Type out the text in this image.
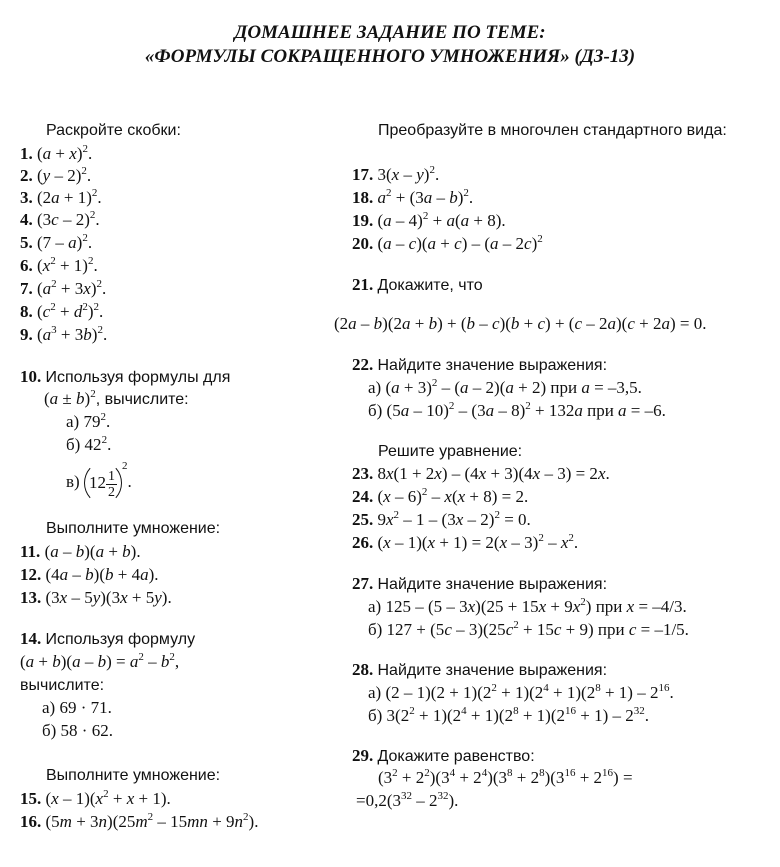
ДОМАШНЕЕ ЗАДАНИЕ ПО ТЕМЕ:
«ФОРМУЛЫ СОКРАЩЕННОГО УМНОЖЕНИЯ» (ДЗ-13)
Раскройте скобки:
1. $(a + x)^2$.
2. (y – 2)$^2$.
3. $(2a + 1)^2$.
4. (3c – 2)$^2$.
5. (7 – a)$^2$.
6. $(x^2 + 1)^2$.
7. $(a^2 + 3x)^2$.
8. $(c^2 + d^2)^2$.
9. $(a^3 + 3b)^2$.
10. Используя формулы для
$(a \pm b)^2$, вычислите:
а) $79^2$.
б) $42^2$.
в) $12 \frac{1}{2}$
$^2$.
Выполните умножение:
11. (a – b)(a + b).
12. (4a – b)(b + 4a).
13. (3x – 5y)(3x + 5y).
14. Используя формулу
$(a + b)(a - b) = a^2 - b^2$,
вычислите:
а) 69 · 71.
б) 58 · 62.
Выполните умножение:
15. $(x - 1)(x^2 + x + 1)$.
16. $(5m + 3n)(25m^2 - 15mn + 9n^2)$.
Преобразуйте в многочлен стандартного вида:
17. 3(x – y)$^2$.
18. $a^2 + (3a - b)^2$.
19. (a – 4)$^2$ + a(a + 8).
20. (a – c)(a + c) – (a – 2c)$^2$
21. Докажите, что
(2a – b)(2a + b) + (b – c)(b + c) + (c – 2a)(c + 2a) = 0.
22. Найдите значение выражения:
а) $(a + 3)^2 - (a - 2)(a + 2)$ при a = –3,5.
б) (5a – 10)$^2$ – (3a – 8)$^2$ + 132a при a = –6.
Решите уравнение:
23. 8x(1 + 2x) – (4x + 3)(4x – 3) = 2x.
24. (x – 6)$^2$ – x(x + 8) = 2.
25. $9x^2 - 1 - (3x - 2)^2 = 0$.
26. $(x - 1)(x + 1) = 2(x - 3)^2 - x^2$.
27. Найдите значение выражения:
а) $125 - (5 - 3x)(25 + 15x + 9x^2)$ при x = –4/3.
б) $127 + (5c - 3)(25c^2 + 15c + 9)$ при c = –1/5.
28. Найдите значение выражения:
а) $(2 - 1)(2 + 1)(2^2 + 1)(2^4 + 1)(2^8 + 1) - 2^{16}$.
б) $3(2^2 + 1)(2^4 + 1)(2^8 + 1)(2^{16} + 1) - 2^{32}$.
29. Докажите равенство:
$(3^2 + 2^2)(3^4 + 2^4)(3^8 + 2^8)(3^{16} + 2^{16})$ =
$=0,2(3^{32} - 2^{32})$.
